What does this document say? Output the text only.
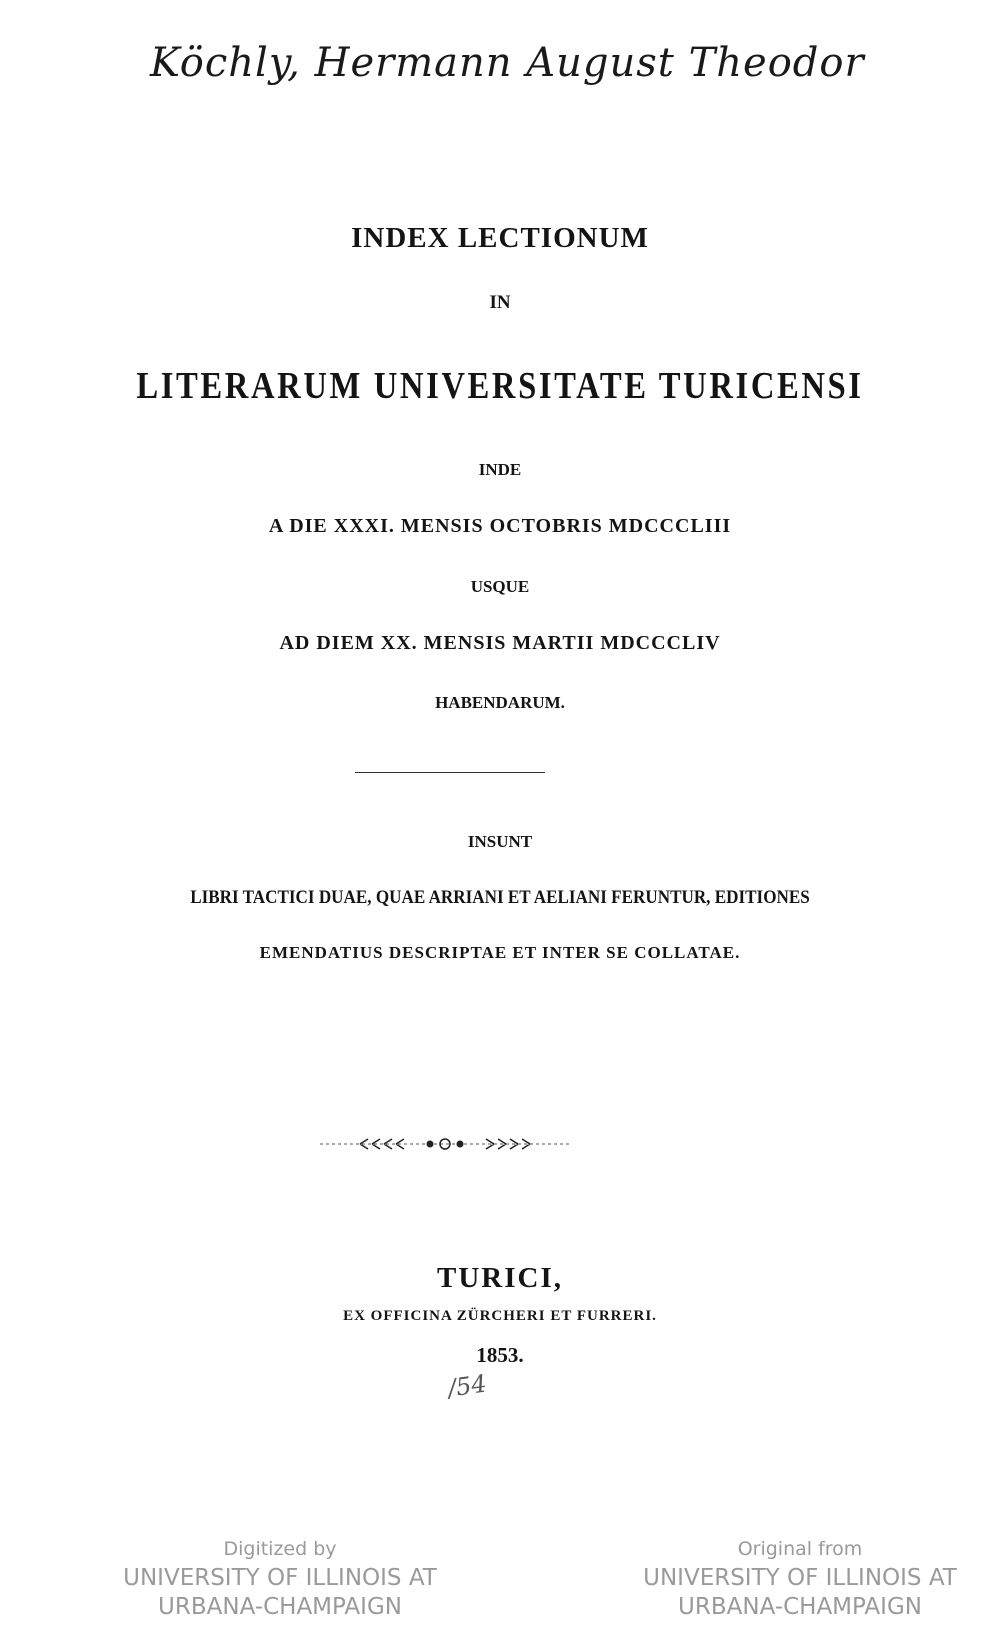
Köchly, Hermann August Theodor
INDEX LECTIONUM
IN
LITERARUM UNIVERSITATE TURICENSI
INDE
A DIE XXXI. MENSIS OCTOBRIS MDCCCLIII
USQUE
AD DIEM XX. MENSIS MARTII MDCCCLIV
HABENDARUM.
INSUNT
LIBRI TACTICI DUAE, QUAE ARRIANI ET AELIANI FERUNTUR, EDITIONES
EMENDATIUS DESCRIPTAE ET INTER SE COLLATAE.
TURICI,
EX OFFICINA ZÜRCHERI ET FURRERI.
1853.
/54
Digitized by
UNIVERSITY OF ILLINOIS AT
URBANA-CHAMPAIGN
Original from
UNIVERSITY OF ILLINOIS AT
URBANA-CHAMPAIGN
